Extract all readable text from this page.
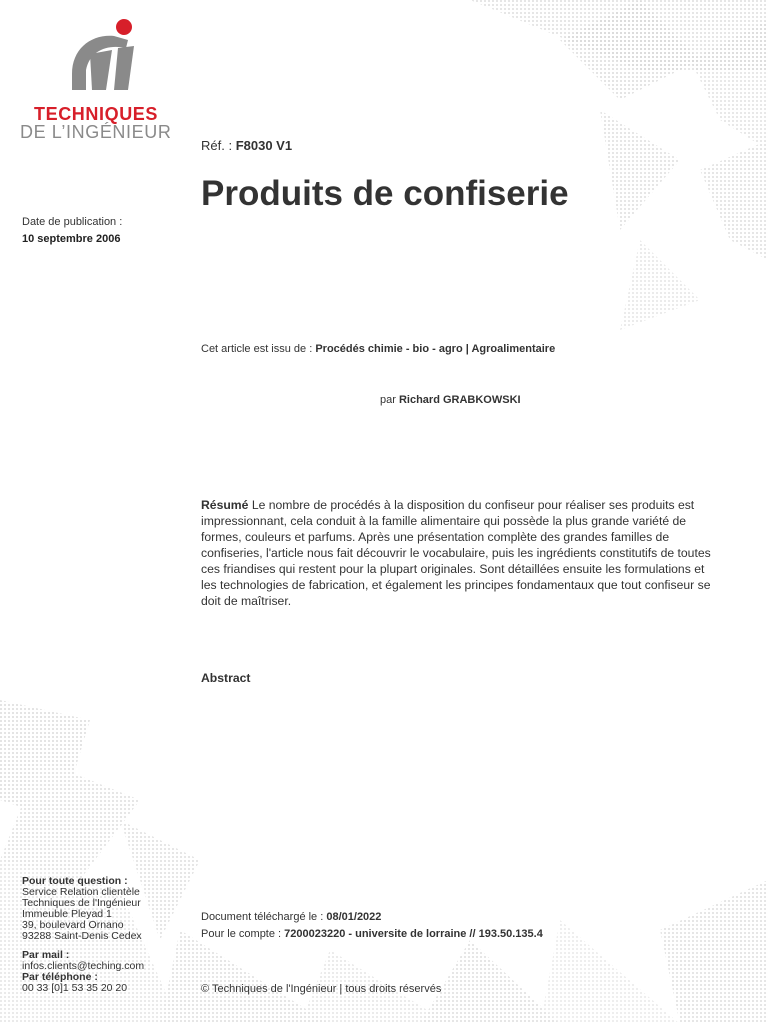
TECHNIQUES
DE L’INGÉNIEUR
Date de publication :
10 septembre 2006
Réf. : F8030 V1
Produits de confiserie
Cet article est issu de : Procédés chimie - bio - agro | Agroalimentaire
par Richard GRABKOWSKI
Résumé Le nombre de procédés à la disposition du confiseur pour réaliser ses produits est impressionnant, cela conduit à la famille alimentaire qui possède la plus grande variété de formes, couleurs et parfums. Après une présentation complète des grandes familles de confiseries, l'article nous fait découvrir le vocabulaire, puis les ingrédients constitutifs de toutes ces friandises qui restent pour la plupart originales. Sont détaillées ensuite les formulations et les technologies de fabrication, et également les principes fondamentaux que tout confiseur se doit de maîtriser.
Abstract
Document téléchargé le : 08/01/2022
Pour le compte : 7200023220 - universite de lorraine // 193.50.135.4
Pour toute question :
Service Relation clientèle
Techniques de l'Ingénieur
Immeuble Pleyad 1
39, boulevard Ornano
93288 Saint-Denis Cedex
Par mail :
infos.clients@teching.com
Par téléphone :
00 33 [0]1 53 35 20 20	© Techniques de l'Ingénieur | tous droits réservés
